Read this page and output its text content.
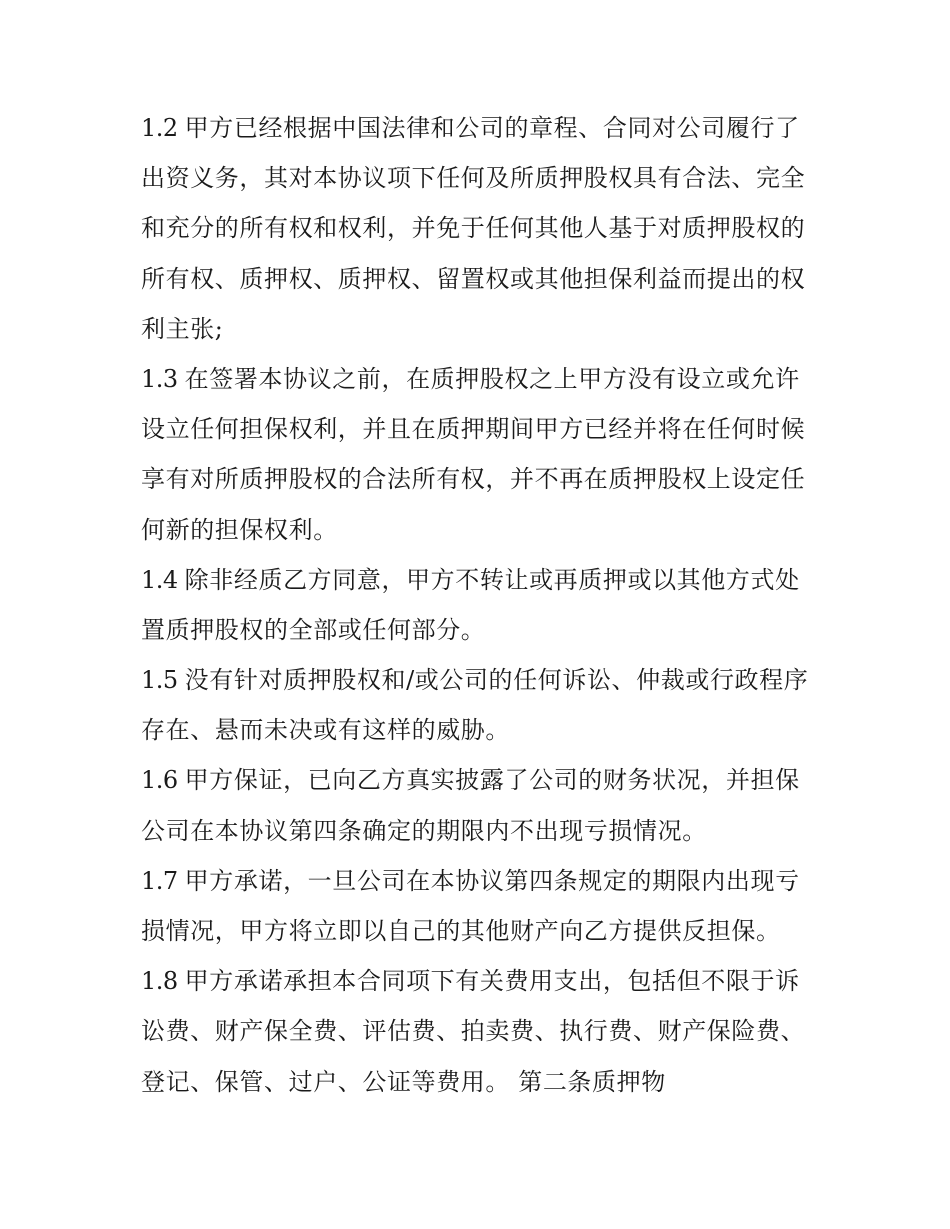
1.2 甲方已经根据中国法律和公司的章程、合同对公司履行了
出资义务，其对本协议项下任何及所质押股权具有合法、完全
和充分的所有权和权利，并免于任何其他人基于对质押股权的
所有权、质押权、质押权、留置权或其他担保利益而提出的权
利主张;

1.3 在签署本协议之前，在质押股权之上甲方没有设立或允许
设立任何担保权利，并且在质押期间甲方已经并将在任何时候
享有对所质押股权的合法所有权，并不再在质押股权上设定任
何新的担保权利。

1.4 除非经质乙方同意，甲方不转让或再质押或以其他方式处
置质押股权的全部或任何部分。

1.5 没有针对质押股权和/或公司的任何诉讼、仲裁或行政程序
存在、悬而未决或有这样的威胁。

1.6 甲方保证，已向乙方真实披露了公司的财务状况，并担保
公司在本协议第四条确定的期限内不出现亏损情况。

1.7 甲方承诺，一旦公司在本协议第四条规定的期限内出现亏
损情况，甲方将立即以自己的其他财产向乙方提供反担保。

1.8 甲方承诺承担本合同项下有关费用支出，包括但不限于诉
讼费、财产保全费、评估费、拍卖费、执行费、财产保险费、
登记、保管、过户、公证等费用。 第二条质押物
